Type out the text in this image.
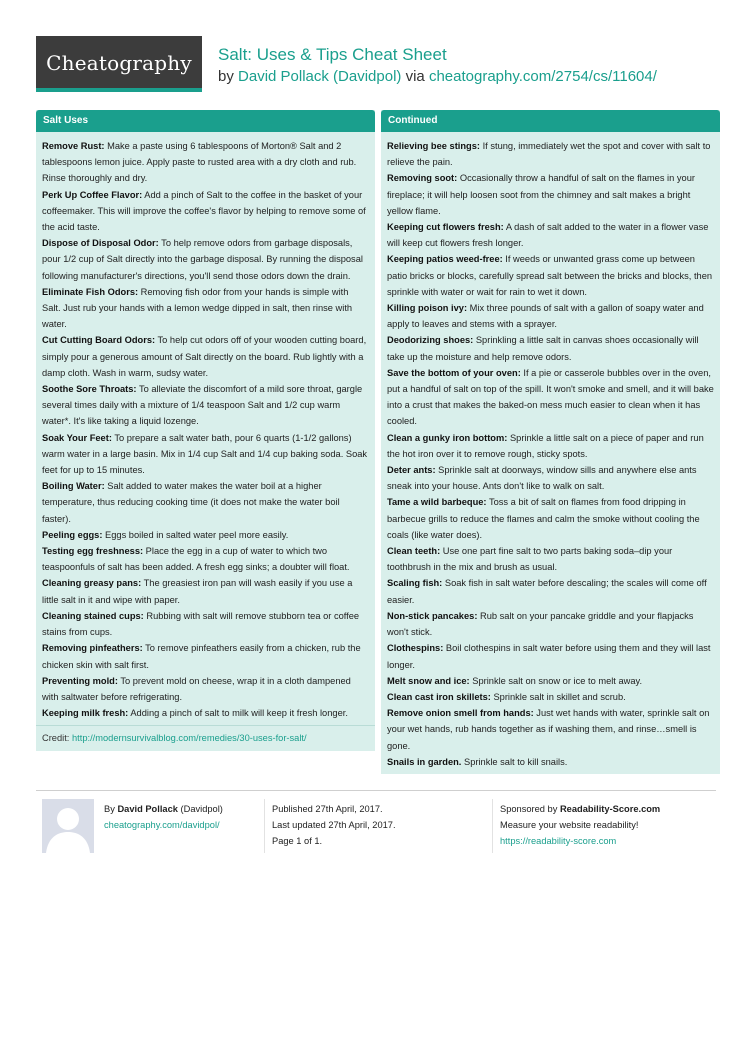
Cheatography	Salt: Uses & Tips Cheat Sheet
by David Pollack (Davidpol) via cheatography.com/2754/cs/11604/
Salt Uses
Remove Rust: Make a paste using 6 tablespoons of Morton® Salt and 2 tablespoons lemon juice. Apply paste to rusted area with a dry cloth and rub. Rinse thoroughly and dry.
Perk Up Coffee Flavor: Add a pinch of Salt to the coffee in the basket of your coffeemaker. This will improve the coffee's flavor by helping to remove some of the acid taste.
Dispose of Disposal Odor: To help remove odors from garbage disposals, pour 1/2 cup of Salt directly into the garbage disposal. By running the disposal following manufacturer's directions, you'll send those odors down the drain.
Eliminate Fish Odors: Removing fish odor from your hands is simple with Salt. Just rub your hands with a lemon wedge dipped in salt, then rinse with water.
Cut Cutting Board Odors: To help cut odors off of your wooden cutting board, simply pour a generous amount of Salt directly on the board. Rub lightly with a damp cloth. Wash in warm, sudsy water.
Soothe Sore Throats: To alleviate the discomfort of a mild sore throat, gargle several times daily with a mixture of 1/4 teaspoon Salt and 1/2 cup warm water*. It's like taking a liquid lozenge.
Soak Your Feet: To prepare a salt water bath, pour 6 quarts (1-1/2 gallons) warm water in a large basin. Mix in 1/4 cup Salt and 1/4 cup baking soda. Soak feet for up to 15 minutes.
Boiling Water: Salt added to water makes the water boil at a higher temperature, thus reducing cooking time (it does not make the water boil faster).
Peeling eggs: Eggs boiled in salted water peel more easily.
Testing egg freshness: Place the egg in a cup of water to which two teaspoonfuls of salt has been added. A fresh egg sinks; a doubter will float.
Cleaning greasy pans: The greasiest iron pan will wash easily if you use a little salt in it and wipe with paper.
Cleaning stained cups: Rubbing with salt will remove stubborn tea or coffee stains from cups.
Removing pinfeathers: To remove pinfeathers easily from a chicken, rub the chicken skin with salt first.
Preventing mold: To prevent mold on cheese, wrap it in a cloth dampened with saltwater before refrigerating.
Keeping milk fresh: Adding a pinch of salt to milk will keep it fresh longer.
Credit: http://modernsurvivalblog.com/remedies/30-uses-for-salt/
Continued
Relieving bee stings: If stung, immediately wet the spot and cover with salt to relieve the pain.
Removing soot: Occasionally throw a handful of salt on the flames in your fireplace; it will help loosen soot from the chimney and salt makes a bright yellow flame.
Keeping cut flowers fresh: A dash of salt added to the water in a flower vase will keep cut flowers fresh longer.
Keeping patios weed-free: If weeds or unwanted grass come up between patio bricks or blocks, carefully spread salt between the bricks and blocks, then sprinkle with water or wait for rain to wet it down.
Killing poison ivy: Mix three pounds of salt with a gallon of soapy water and apply to leaves and stems with a sprayer.
Deodorizing shoes: Sprinkling a little salt in canvas shoes occasionally will take up the moisture and help remove odors.
Save the bottom of your oven: If a pie or casserole bubbles over in the oven, put a handful of salt on top of the spill. It won't smoke and smell, and it will bake into a crust that makes the baked-on mess much easier to clean when it has cooled.
Clean a gunky iron bottom: Sprinkle a little salt on a piece of paper and run the hot iron over it to remove rough, sticky spots.
Deter ants: Sprinkle salt at doorways, window sills and anywhere else ants sneak into your house. Ants don't like to walk on salt.
Tame a wild barbeque: Toss a bit of salt on flames from food dripping in barbecue grills to reduce the flames and calm the smoke without cooling the coals (like water does).
Clean teeth: Use one part fine salt to two parts baking soda–dip your toothbrush in the mix and brush as usual.
Scaling fish: Soak fish in salt water before descaling; the scales will come off easier.
Non-stick pancakes: Rub salt on your pancake griddle and your flapjacks won't stick.
Clothespins: Boil clothespins in salt water before using them and they will last longer.
Melt snow and ice: Sprinkle salt on snow or ice to melt away.
Clean cast iron skillets: Sprinkle salt in skillet and scrub.
Remove onion smell from hands: Just wet hands with water, sprinkle salt on your wet hands, rub hands together as if washing them, and rinse…smell is gone.
Snails in garden. Sprinkle salt to kill snails.
By David Pollack (Davidpol)
cheatography.com/davidpol/
Published 27th April, 2017.
Last updated 27th April, 2017.
Page 1 of 1.
Sponsored by Readability-Score.com
Measure your website readability!
https://readability-score.com
